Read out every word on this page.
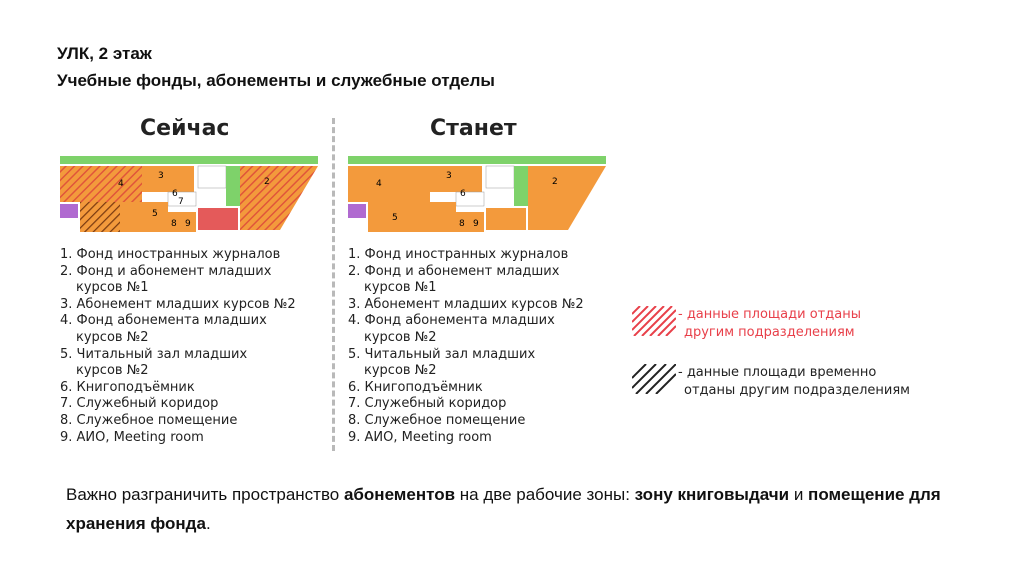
УЛК, 2 этаж
Учебные фонды, абонементы и служебные отделы
Сейчас	Станет
4
3
6
7
2
5
8 9
4
3
6
2
5
8 9
1. Фонд иностранных журналов
2. Фонд и абонемент младших
курсов №1
3. Абонемент младших курсов №2
4. Фонд абонемента младших
курсов №2
5. Читальный зал младших
курсов №2
6. Книгоподъёмник
7. Служебный коридор
8. Служебное помещение
9. АИО, Meeting room
1. Фонд иностранных журналов
2. Фонд и абонемент младших
курсов №1
3. Абонемент младших курсов №2
4. Фонд абонемента младших
курсов №2
5. Читальный зал младших
курсов №2
6. Книгоподъёмник
7. Служебный коридор
8. Служебное помещение
9. АИО, Meeting room
- данные площади отданы
другим подразделениям
- данные площади временно
отданы другим подразделениям
Важно разграничить пространство абонементов на две рабочие зоны: зону книговыдачи и помещение для хранения фонда.
